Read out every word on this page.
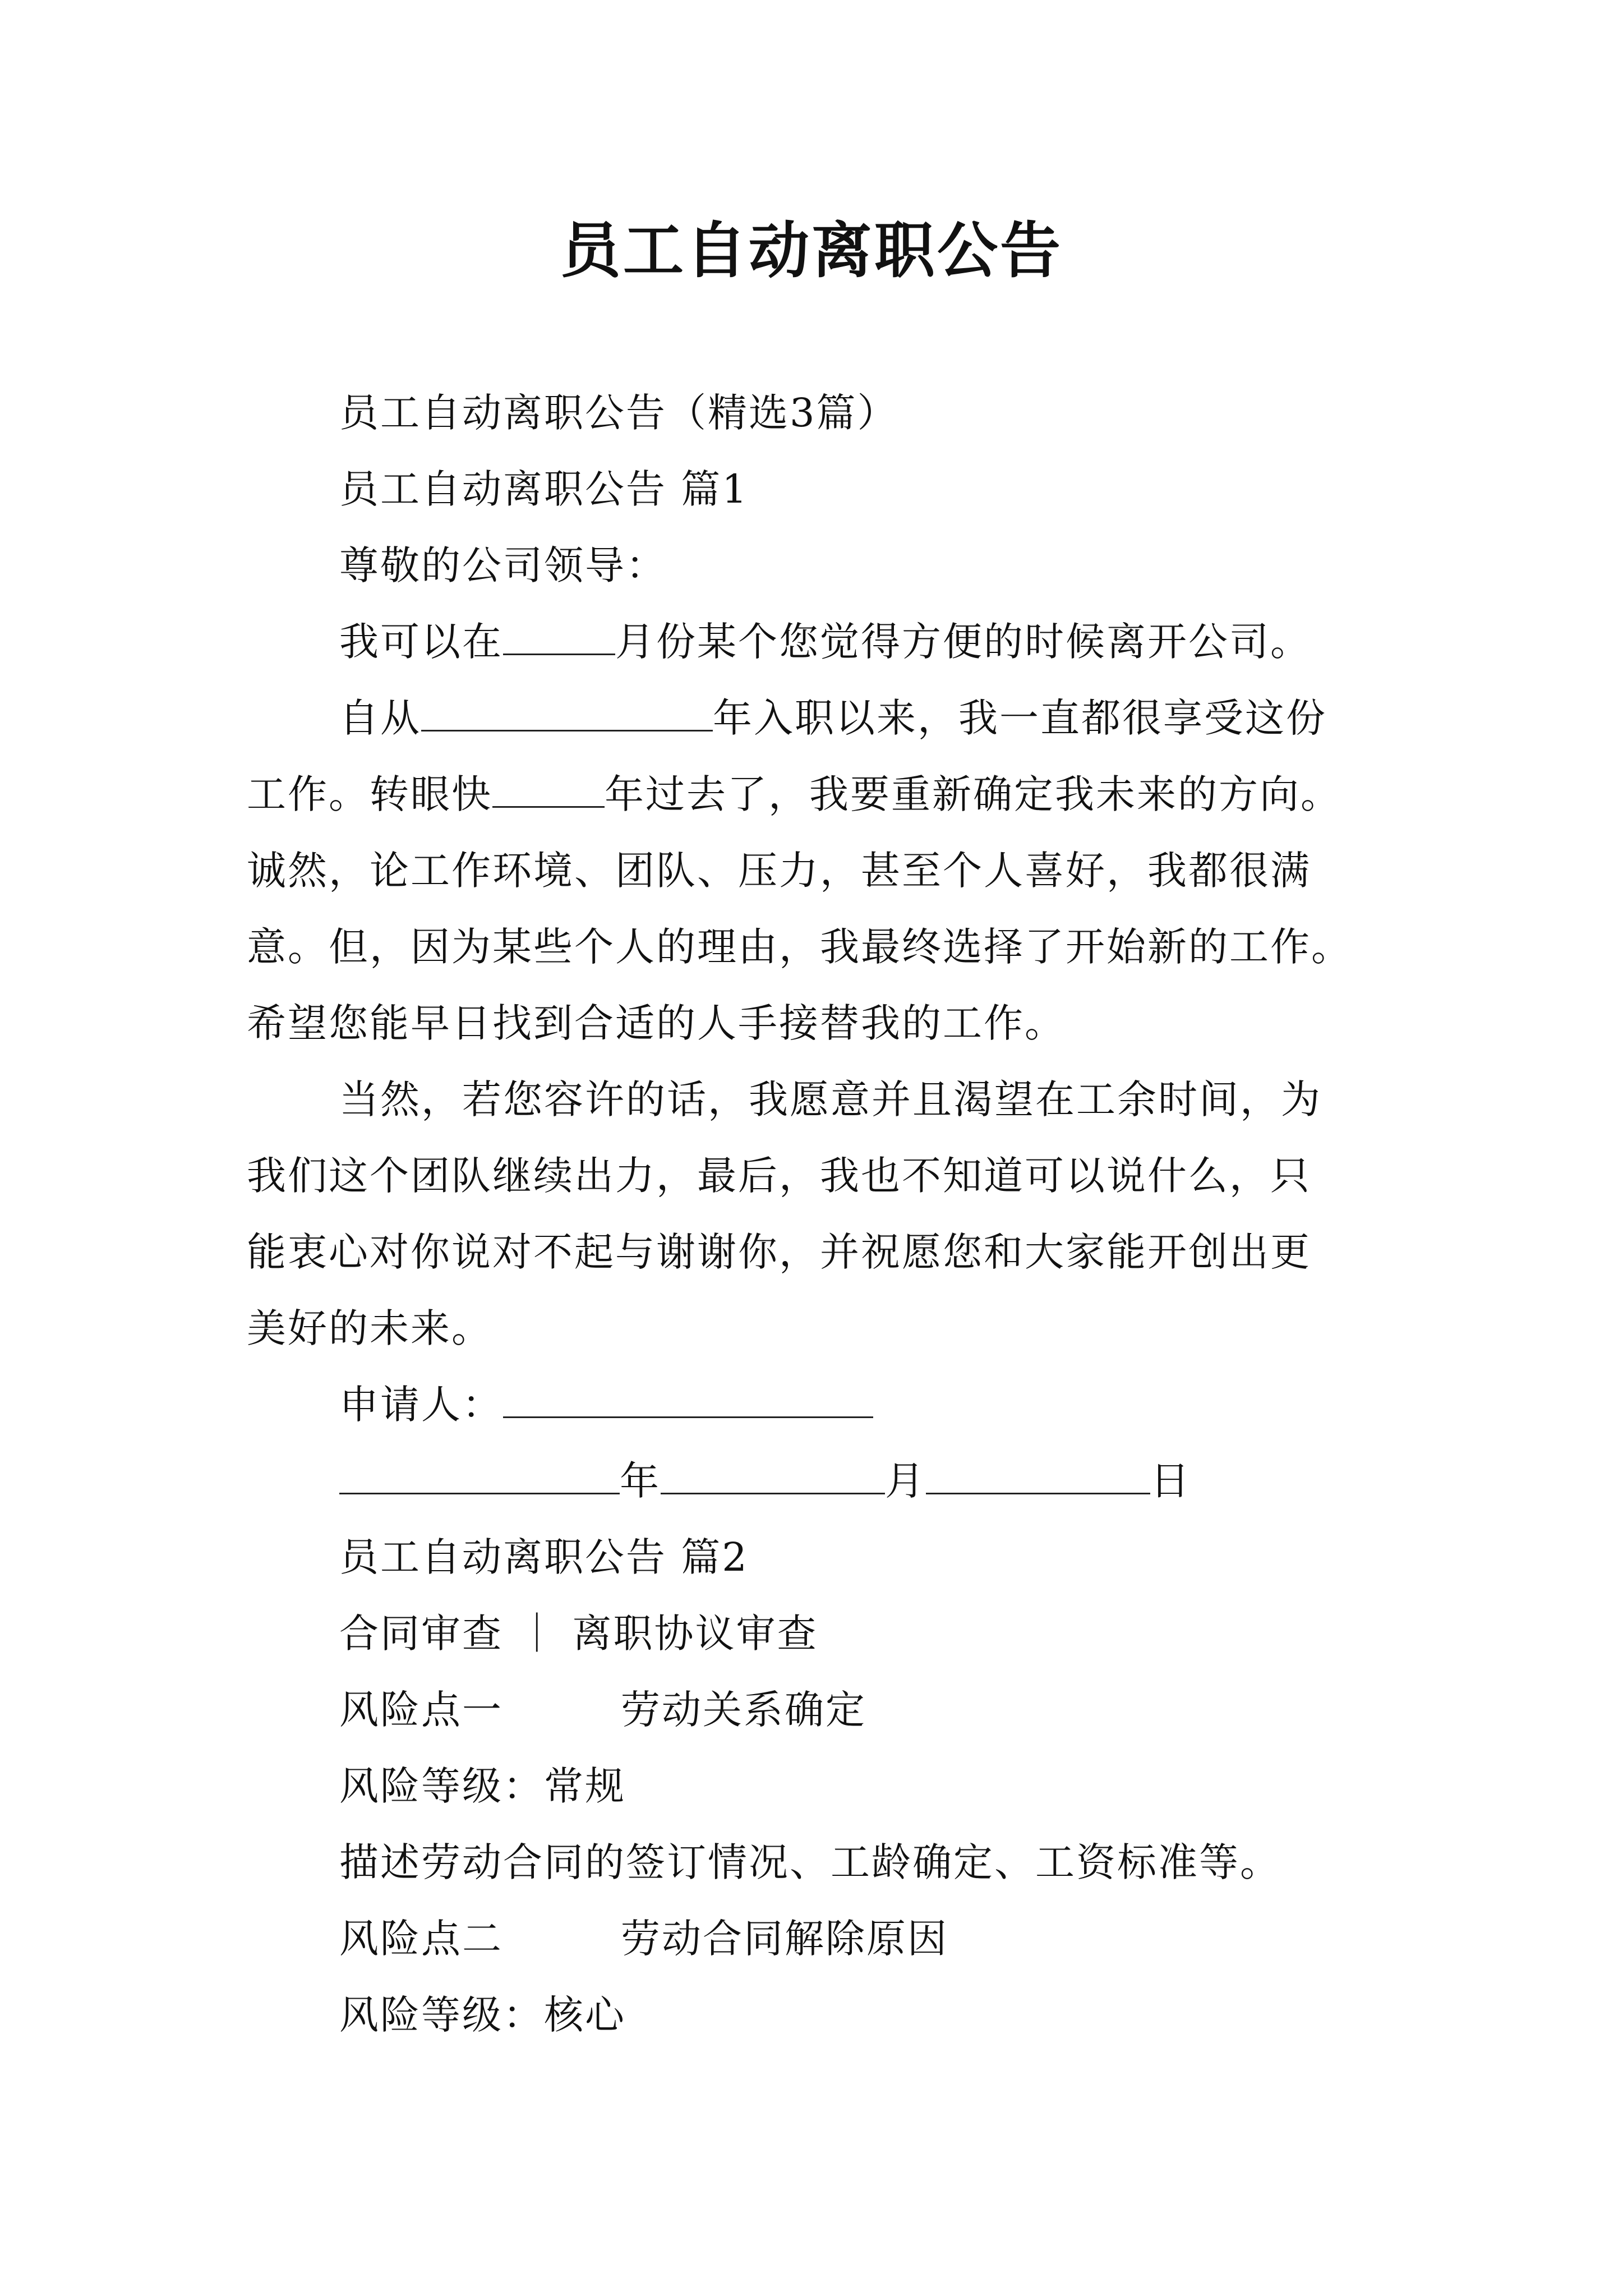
员工自动离职公告
员工自动离职公告（精选3篇）
员工自动离职公告 篇1
尊敬的公司领导：
我可以在	月份某个您觉得方便的时候离开公司。
自从	年入职以来，我一直都很享受这份
工作。转眼快	年过去了，我要重新确定我未来的方向。
诚然，论工作环境、团队、压力，甚至个人喜好，我都很满
意。但，因为某些个人的理由，我最终选择了开始新的工作。
希望您能早日找到合适的人手接替我的工作。
当然，若您容许的话，我愿意并且渴望在工余时间，为
我们这个团队继续出力，最后，我也不知道可以说什么，只
能衷心对你说对不起与谢谢你，并祝愿您和大家能开创出更
美好的未来。
申请人：
年	月	日
员工自动离职公告 篇2
合同审查 ｜ 离职协议审查
风险点一	劳动关系确定
风险等级：常规
描述劳动合同的签订情况、工龄确定、工资标准等。
风险点二	劳动合同解除原因
风险等级：核心
